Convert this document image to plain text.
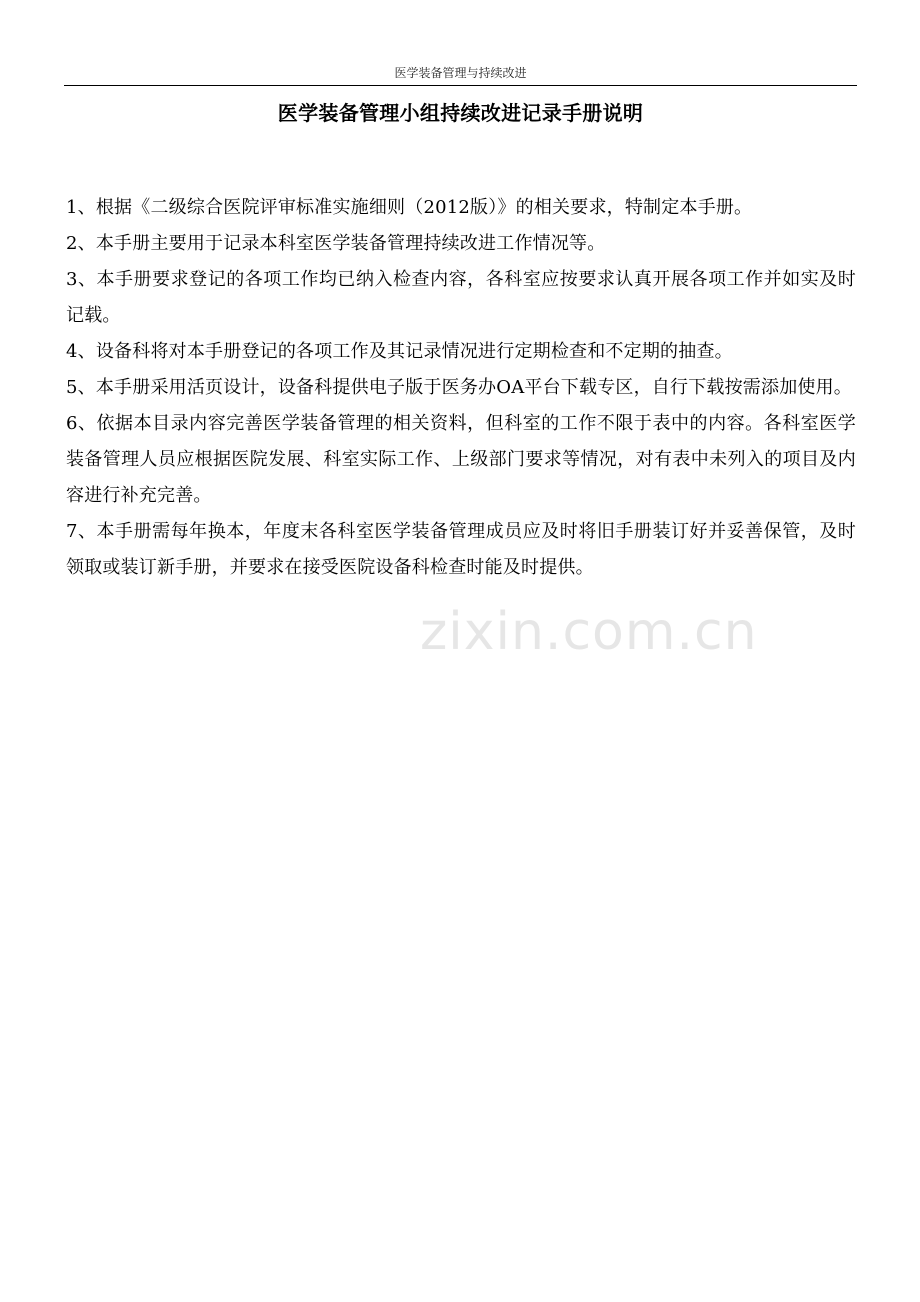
医学装备管理与持续改进
医学装备管理小组持续改进记录手册说明
zixin.com.cn

1、根据《二级综合医院评审标准实施细则（2012版）》的相关要求，特制定本手册。

2、本手册主要用于记录本科室医学装备管理持续改进工作情况等。

3、本手册要求登记的各项工作均已纳入检查内容，各科室应按要求认真开展各项工作并如实及时记载。

4、设备科将对本手册登记的各项工作及其记录情况进行定期检查和不定期的抽查。

5、本手册采用活页设计，设备科提供电子版于医务办OA平台下载专区，自行下载按需添加使用。

6、依据本目录内容完善医学装备管理的相关资料，但科室的工作不限于表中的内容。各科室医学装备管理人员应根据医院发展、科室实际工作、上级部门要求等情况，对有表中未列入的项目及内容进行补充完善。

7、本手册需每年换本，年度末各科室医学装备管理成员应及时将旧手册装订好并妥善保管，及时领取或装订新手册，并要求在接受医院设备科检查时能及时提供。
